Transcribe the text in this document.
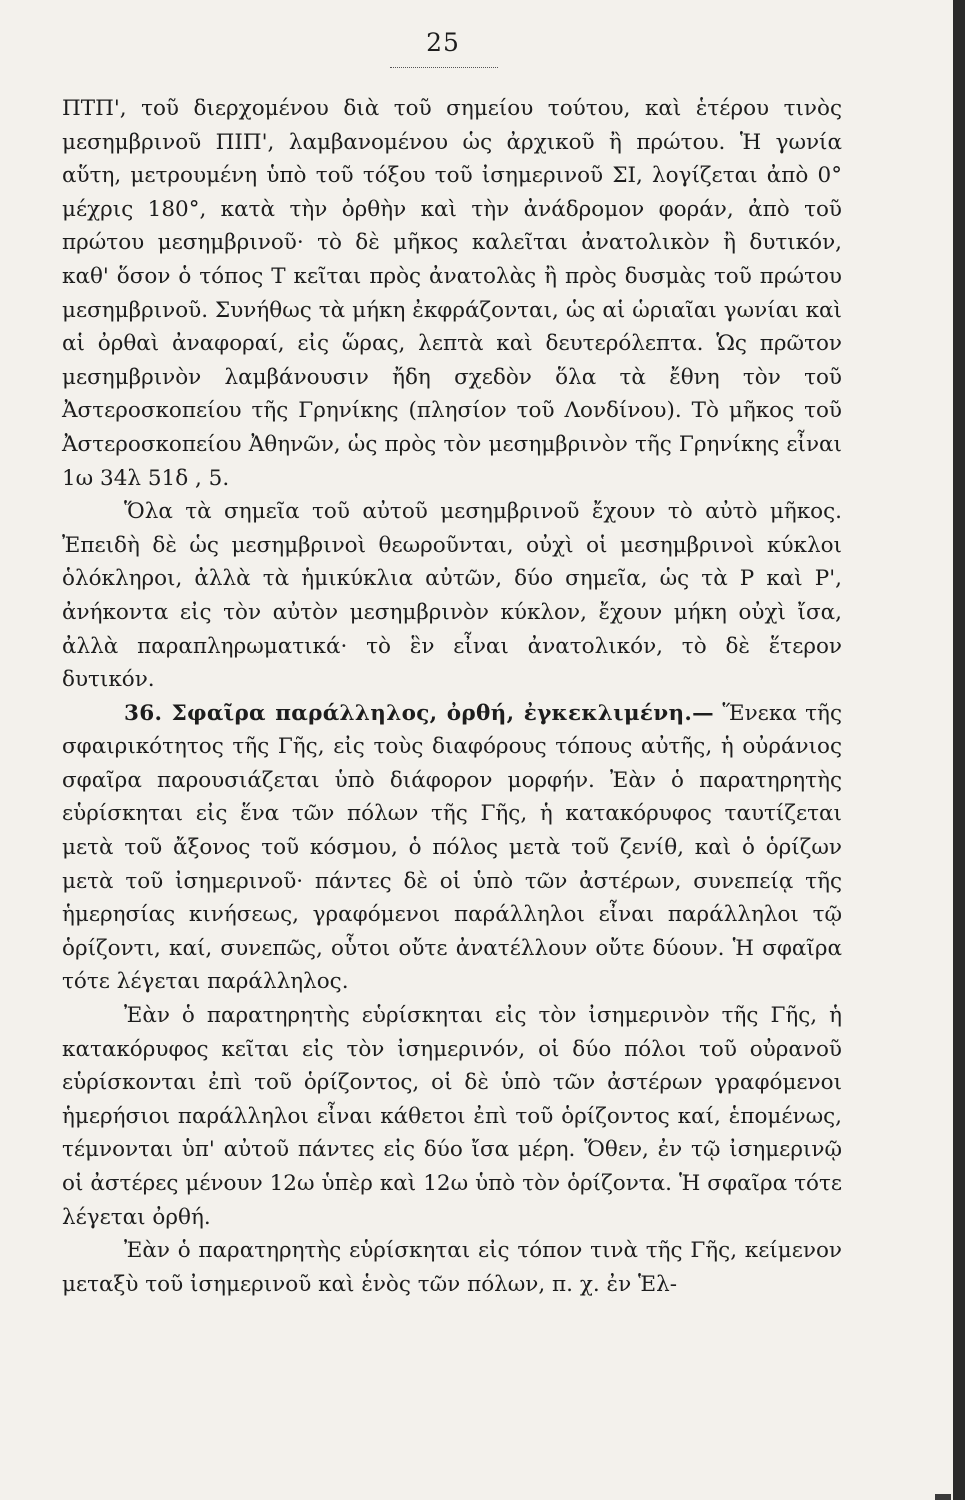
25

ΠΤΠ', τοῦ διερχομένου διὰ τοῦ σημείου τούτου, καὶ ἑτέρου τινὸς μεσημβρινοῦ ΠΙΠ', λαμβανομένου ὡς ἀρχικοῦ ἢ πρώτου. Ἡ γωνία αὕτη, μετρουμένη ὑπὸ τοῦ τόξου τοῦ ἰσημερινοῦ ΣΙ, λογίζεται ἀπὸ 0° μέχρις 180°, κατὰ τὴν ὀρθὴν καὶ τὴν ἀνάδρομον φοράν, ἀπὸ τοῦ πρώτου μεσημβρινοῦ· τὸ δὲ μῆκος καλεῖται ἀνατολικὸν ἢ δυτικόν, καθ' ὅσον ὁ τόπος Τ κεῖται πρὸς ἀνατολὰς ἢ πρὸς δυσμὰς τοῦ πρώτου μεσημβρινοῦ. Συνήθως τὰ μήκη ἐκφράζονται, ὡς αἱ ὡριαῖαι γωνίαι καὶ αἱ ὀρθαὶ ἀναφοραί, εἰς ὥρας, λεπτὰ καὶ δευτερόλεπτα. Ὡς πρῶτον μεσημβρινὸν λαμβάνουσιν ἤδη σχεδὸν ὅλα τὰ ἔθνη τὸν τοῦ Ἀστεροσκοπείου τῆς Γρηνίκης (πλησίον τοῦ Λονδίνου). Τὸ μῆκος τοῦ Ἀστεροσκοπείου Ἀθηνῶν, ὡς πρὸς τὸν μεσημβρινὸν τῆς Γρηνίκης εἶναι 1ω 34λ 51δ , 5.

Ὅλα τὰ σημεῖα τοῦ αὐτοῦ μεσημβρινοῦ ἔχουν τὸ αὐτὸ μῆκος. Ἐπειδὴ δὲ ὡς μεσημβρινοὶ θεωροῦνται, οὐχὶ οἱ μεσημβρινοὶ κύκλοι ὁλόκληροι, ἀλλὰ τὰ ἡμικύκλια αὐτῶν, δύο σημεῖα, ὡς τὰ Ρ καὶ Ρ', ἀνήκοντα εἰς τὸν αὐτὸν μεσημβρινὸν κύκλον, ἔχουν μήκη οὐχὶ ἴσα, ἀλλὰ παραπληρωματικά· τὸ ἓν εἶναι ἀνατολικόν, τὸ δὲ ἕτερον δυτικόν.

36. Σφαῖρα παράλληλος, ὀρθή, ἐγκεκλιμένη.— Ἕνεκα τῆς σφαιρικότητος τῆς Γῆς, εἰς τοὺς διαφόρους τόπους αὐτῆς, ἡ οὐράνιος σφαῖρα παρουσιάζεται ὑπὸ διάφορον μορφήν. Ἐὰν ὁ παρατηρητὴς εὑρίσκηται εἰς ἕνα τῶν πόλων τῆς Γῆς, ἡ κατακόρυφος ταυτίζεται μετὰ τοῦ ἄξονος τοῦ κόσμου, ὁ πόλος μετὰ τοῦ ζενίθ, καὶ ὁ ὁρίζων μετὰ τοῦ ἰσημερινοῦ· πάντες δὲ οἱ ὑπὸ τῶν ἀστέρων, συνεπείᾳ τῆς ἡμερησίας κινήσεως, γραφόμενοι παράλληλοι εἶναι παράλληλοι τῷ ὁρίζοντι, καί, συνεπῶς, οὗτοι οὔτε ἀνατέλλουν οὔτε δύουν. Ἡ σφαῖρα τότε λέγεται παράλληλος.

Ἐὰν ὁ παρατηρητὴς εὑρίσκηται εἰς τὸν ἰσημερινὸν τῆς Γῆς, ἡ κατακόρυφος κεῖται εἰς τὸν ἰσημερινόν, οἱ δύο πόλοι τοῦ οὐρανοῦ εὑρίσκονται ἐπὶ τοῦ ὁρίζοντος, οἱ δὲ ὑπὸ τῶν ἀστέρων γραφόμενοι ἡμερήσιοι παράλληλοι εἶναι κάθετοι ἐπὶ τοῦ ὁρίζοντος καί, ἑπομένως, τέμνονται ὑπ' αὐτοῦ πάντες εἰς δύο ἴσα μέρη. Ὅθεν, ἐν τῷ ἰσημερινῷ οἱ ἀστέρες μένουν 12ω ὑπὲρ καὶ 12ω ὑπὸ τὸν ὁρίζοντα. Ἡ σφαῖρα τότε λέγεται ὀρθή.

Ἐὰν ὁ παρατηρητὴς εὑρίσκηται εἰς τόπον τινὰ τῆς Γῆς, κείμενον μεταξὺ τοῦ ἰσημερινοῦ καὶ ἑνὸς τῶν πόλων, π. χ. ἐν Ἑλ-
